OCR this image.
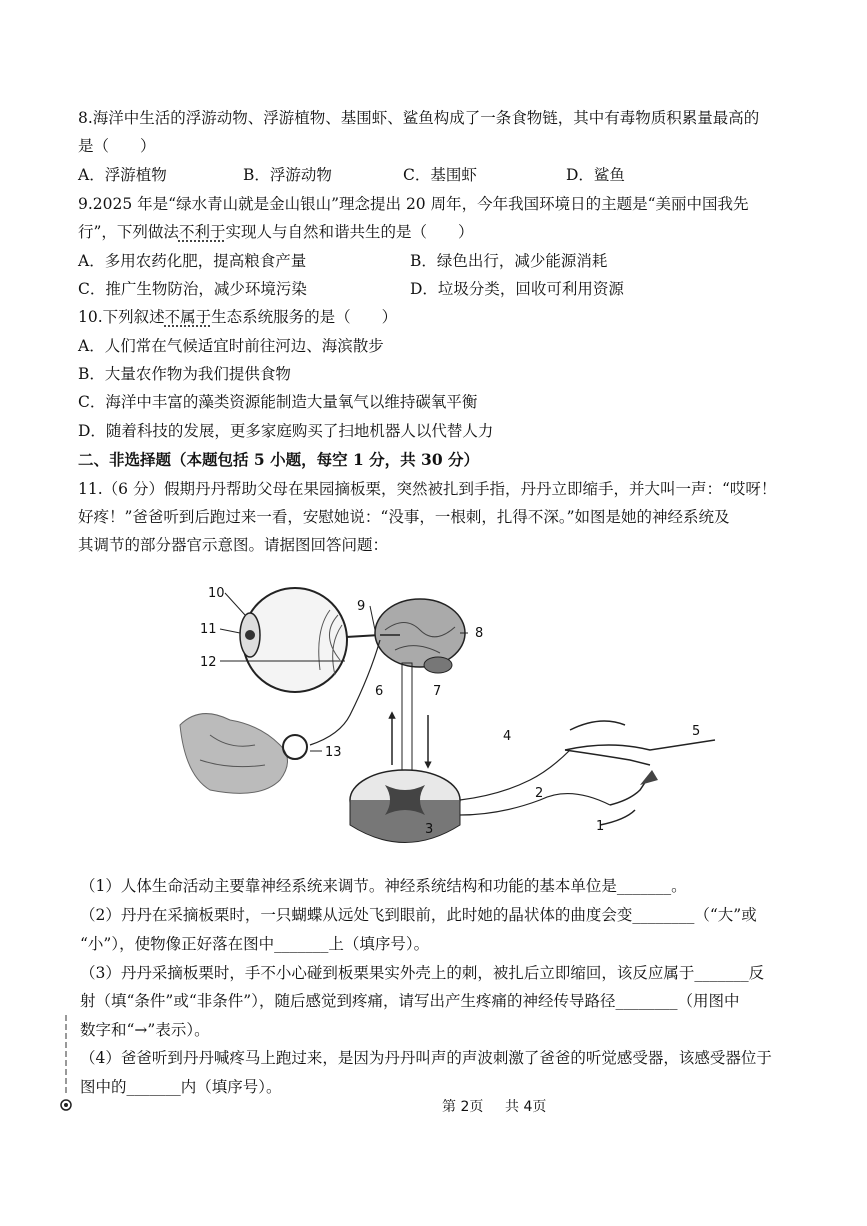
8.海洋中生活的浮游动物、浮游植物、基围虾、鲨鱼构成了一条食物链，其中有毒物质积累量最高的
是（　　）
A．浮游植物	B．浮游动物	C．基围虾	D．鲨鱼
9.2025 年是“绿水青山就是金山银山”理念提出 20 周年，今年我国环境日的主题是“美丽中国我先
行”，下列做法不利于实现人与自然和谐共生的是（　　）
A．多用农药化肥，提高粮食产量	B．绿色出行，减少能源消耗
C．推广生物防治，减少环境污染	D．垃圾分类，回收可利用资源
10.下列叙述不属于生态系统服务的是（　　）
A．人们常在气候适宜时前往河边、海滨散步
B．大量农作物为我们提供食物
C．海洋中丰富的藻类资源能制造大量氧气以维持碳氧平衡
D．随着科技的发展，更多家庭购买了扫地机器人以代替人力
二、非选择题（本题包括 5 小题，每空 1 分，共 30 分）
11.（6 分）假期丹丹帮助父母在果园摘板栗，突然被扎到手指，丹丹立即缩手，并大叫一声：“哎呀！
好疼！”爸爸听到后跑过来一看，安慰她说：“没事，一根刺，扎得不深。”如图是她的神经系统及
其调节的部分器官示意图。请据图回答问题：
1
2
3
4	5
6	7
8
9
10
11
12
13
（1）人体生命活动主要靠神经系统来调节。神经系统结构和功能的基本单位是_______。
（2）丹丹在采摘板栗时，一只蝴蝶从远处飞到眼前，此时她的晶状体的曲度会变________（“大”或
“小”），使物像正好落在图中_______上（填序号）。
（3）丹丹采摘板栗时，手不小心碰到板栗果实外壳上的刺，被扎后立即缩回，该反应属于_______反
射（填“条件”或“非条件”），随后感觉到疼痛，请写出产生疼痛的神经传导路径________（用图中
数字和“→”表示）。
（4）爸爸听到丹丹喊疼马上跑过来，是因为丹丹叫声的声波刺激了爸爸的听觉感受器，该感受器位于
图中的_______内（填序号）。
第 2页 共 4页
